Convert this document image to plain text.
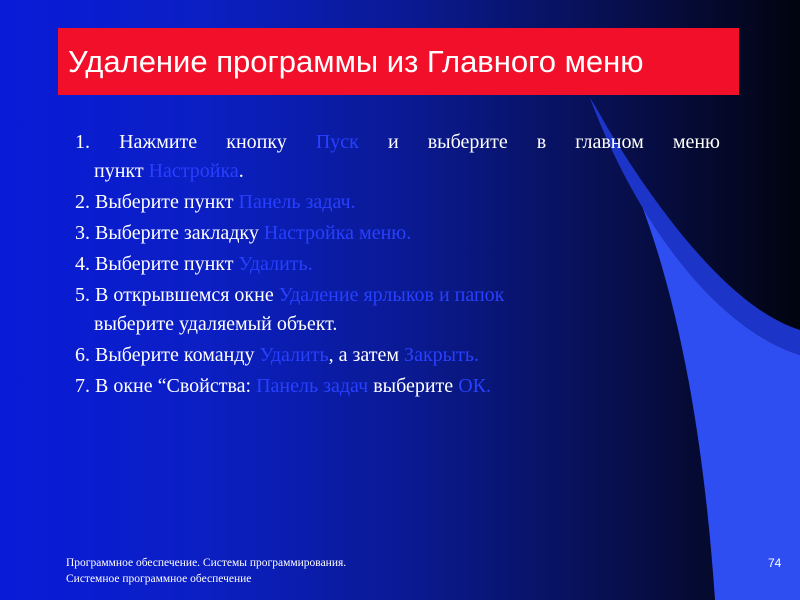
Удаление программы из Главного меню

1. Нажмите кнопку Пуск и выберите в главном меню

пункт Настройка.

2. Выберите пункт Панель задач.

3. Выберите закладку Настройка меню.

4. Выберите пункт Удалить.

5. В открывшемся окне Удаление ярлыков и папок

выберите удаляемый объект.

6. Выберите команду Удалить, а затем Закрыть.

7. В окне “Свойства: Панель задач выберите ОК.

Программное обеспечение. Системы программирования. Системное программное обеспечение
74
